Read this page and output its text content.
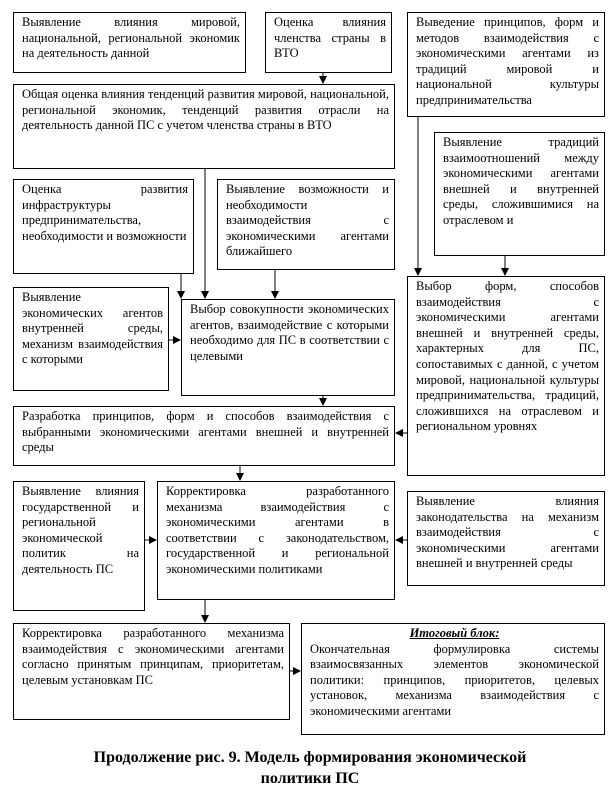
Выявление влияния мировой, национальной, региональной экономик на деятельность данной
Оценка влияния членства страны в ВТО
Выведение принципов, форм и методов взаимодействия с экономическими агентами из традиций мировой и национальной культуры предпринимательства
Общая оценка влияния тенденций развития мировой, национальной, региональной экономик, тенденций развития отрасли на деятельность данной ПС с учетом членства страны в ВТО
Выявление традиций взаимоотношений между экономическими агентами внешней и внутренней среды, сложившимися на отраслевом и
Оценка развития инфраструктуры предпринимательства, необходимости и возможности
Выявление возможности и необходимости взаимодействия с экономическими агентами ближайшего
Выявление экономических агентов внутренней среды, механизм взаимодействия с которыми
Выбор совокупности экономических агентов, взаимодействие с которыми необходимо для ПС в соответствии с целевыми
Выбор форм, способов взаимодействия с экономическими агентами внешней и внутренней среды, характерных для ПС, сопоставимых с данной, с учетом мировой, национальной культуры предпринимательства, традиций, сложившихся на отраслевом и региональном уровнях
Разработка принципов, форм и способов взаимодействия с выбранными экономическими агентами внешней и внутренней среды
Выявление влияния государственной и региональной экономической политик на деятельность ПС
Корректировка разработанного механизма взаимодействия с экономическими агентами в соответствии с законодательством, государственной и региональной экономическими политиками
Выявление влияния законодательства на механизм взаимодействия с экономическими агентами внешней и внутренней среды
Корректировка разработанного механизма взаимодействия с экономическими агентами согласно принятым принципам, приоритетам, целевым установкам ПС
Итоговый блок:
Окончательная формулировка системы взаимосвязанных элементов экономической политики: принципов, приоритетов, целевых установок, механизма взаимодействия с экономическими агентами
Продолжение рис. 9. Модель формирования экономической
политики ПС
